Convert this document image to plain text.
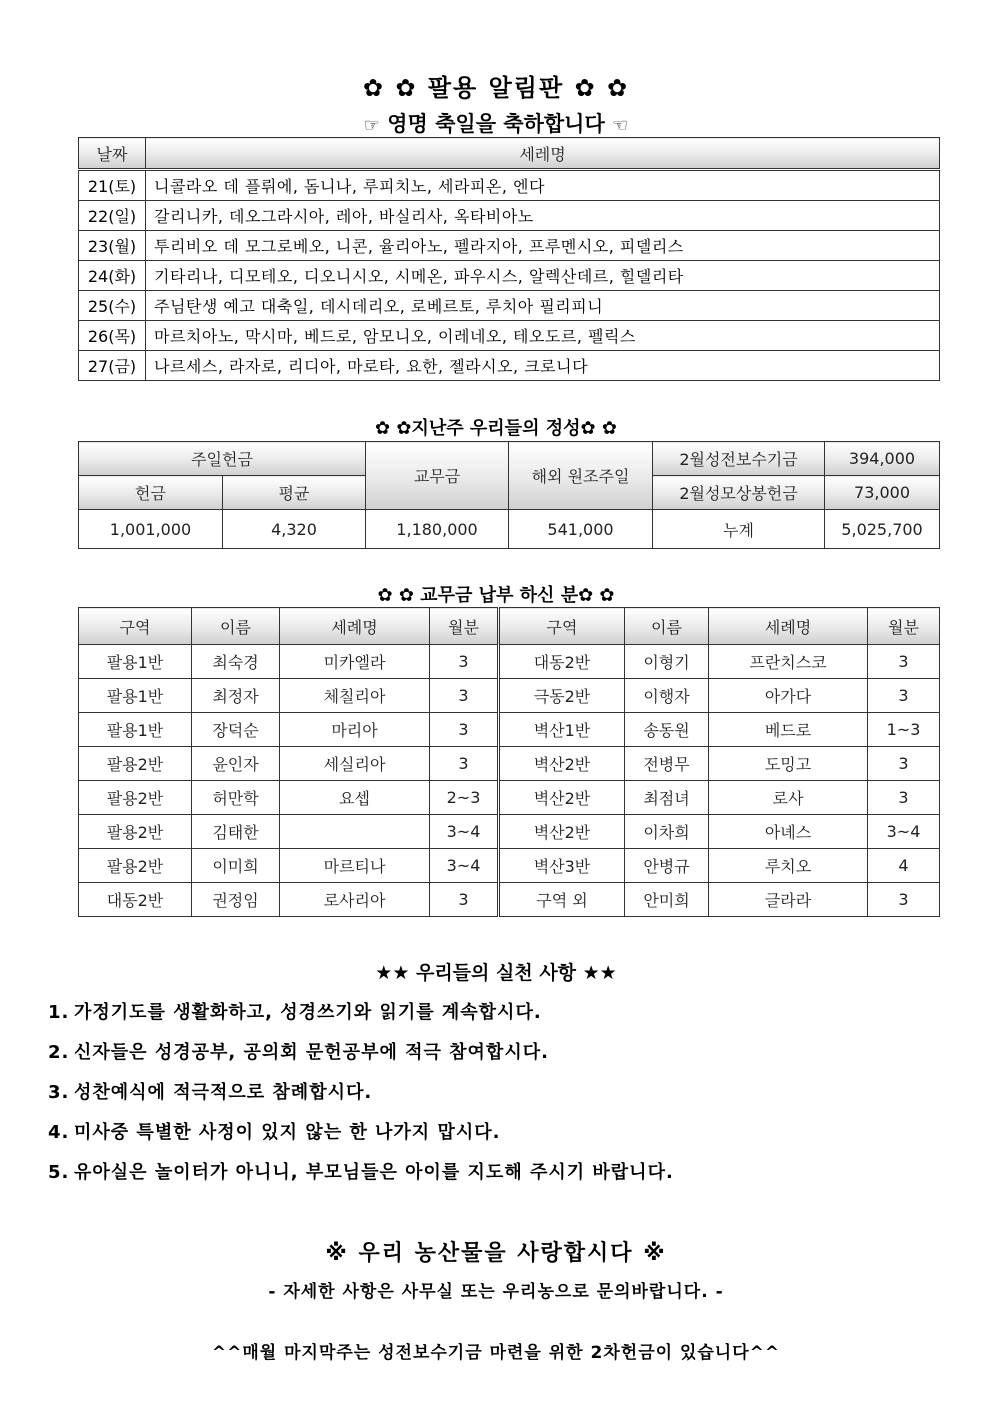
✿ ✿ 팔용 알림판 ✿ ✿
☞ 영명 축일을 축하합니다 ☜
날짜	세레명
21(토)	니콜라오 데 플뤼에, 돔니나, 루피치노, 세라피온, 엔다
22(일)	갈리니카, 데오그라시아, 레아, 바실리사, 옥타비아노
23(월)	투리비오 데 모그로베오, 니콘, 율리아노, 펠라지아, 프루멘시오, 피델리스
24(화)	기타리나, 디모테오, 디오니시오, 시메온, 파우시스, 알렉산데르, 힐델리타
25(수)	주님탄생 예고 대축일, 데시데리오, 로베르토, 루치아 필리피니
26(목)	마르치아노, 막시마, 베드로, 암모니오, 이레네오, 테오도르, 펠릭스
27(금)	나르세스, 라자로, 리디아, 마로타, 요한, 젤라시오, 크로니다
✿ ✿지난주 우리들의 정성✿ ✿
주일헌금		교무금	해외 원조주일	2월성전보수기금	394,000
헌금	평균			2월성모상봉헌금	73,000
1,001,000	4,320	1,180,000	541,000	누계	5,025,700
✿ ✿ 교무금 납부 하신 분✿ ✿
구역	이름	세례명	월분	구역	이름	세례명	월분
팔용1반	최숙경	미카엘라	3	대동2반	이형기	프란치스코	3
팔용1반	최정자	체칠리아	3	극동2반	이행자	아가다	3
팔용1반	장덕순	마리아	3	벽산1반	송동원	베드로	1~3
팔용2반	윤인자	세실리아	3	벽산2반	전병무	도밍고	3
팔용2반	허만학	요셉	2~3	벽산2반	최점녀	로사	3
팔용2반	김태한		3~4	벽산2반	이차희	아녜스	3~4
팔용2반	이미희	마르티나	3~4	벽산3반	안병규	루치오	4
대동2반	권정임	로사리아	3	구역 외	안미희	글라라	3
★★ 우리들의 실천 사항 ★★
1. 가정기도를 생활화하고, 성경쓰기와 읽기를 계속합시다.
2. 신자들은 성경공부, 공의회 문헌공부에 적극 참여합시다.
3. 성찬예식에 적극적으로 참례합시다.
4. 미사중 특별한 사정이 있지 않는 한 나가지 맙시다.
5. 유아실은 놀이터가 아니니, 부모님들은 아이를 지도해 주시기 바랍니다.
※ 우리 농산물을 사랑합시다 ※
- 자세한 사항은 사무실 또는 우리농으로 문의바랍니다. -
^^매월 마지막주는 성전보수기금 마련을 위한 2차헌금이 있습니다^^
